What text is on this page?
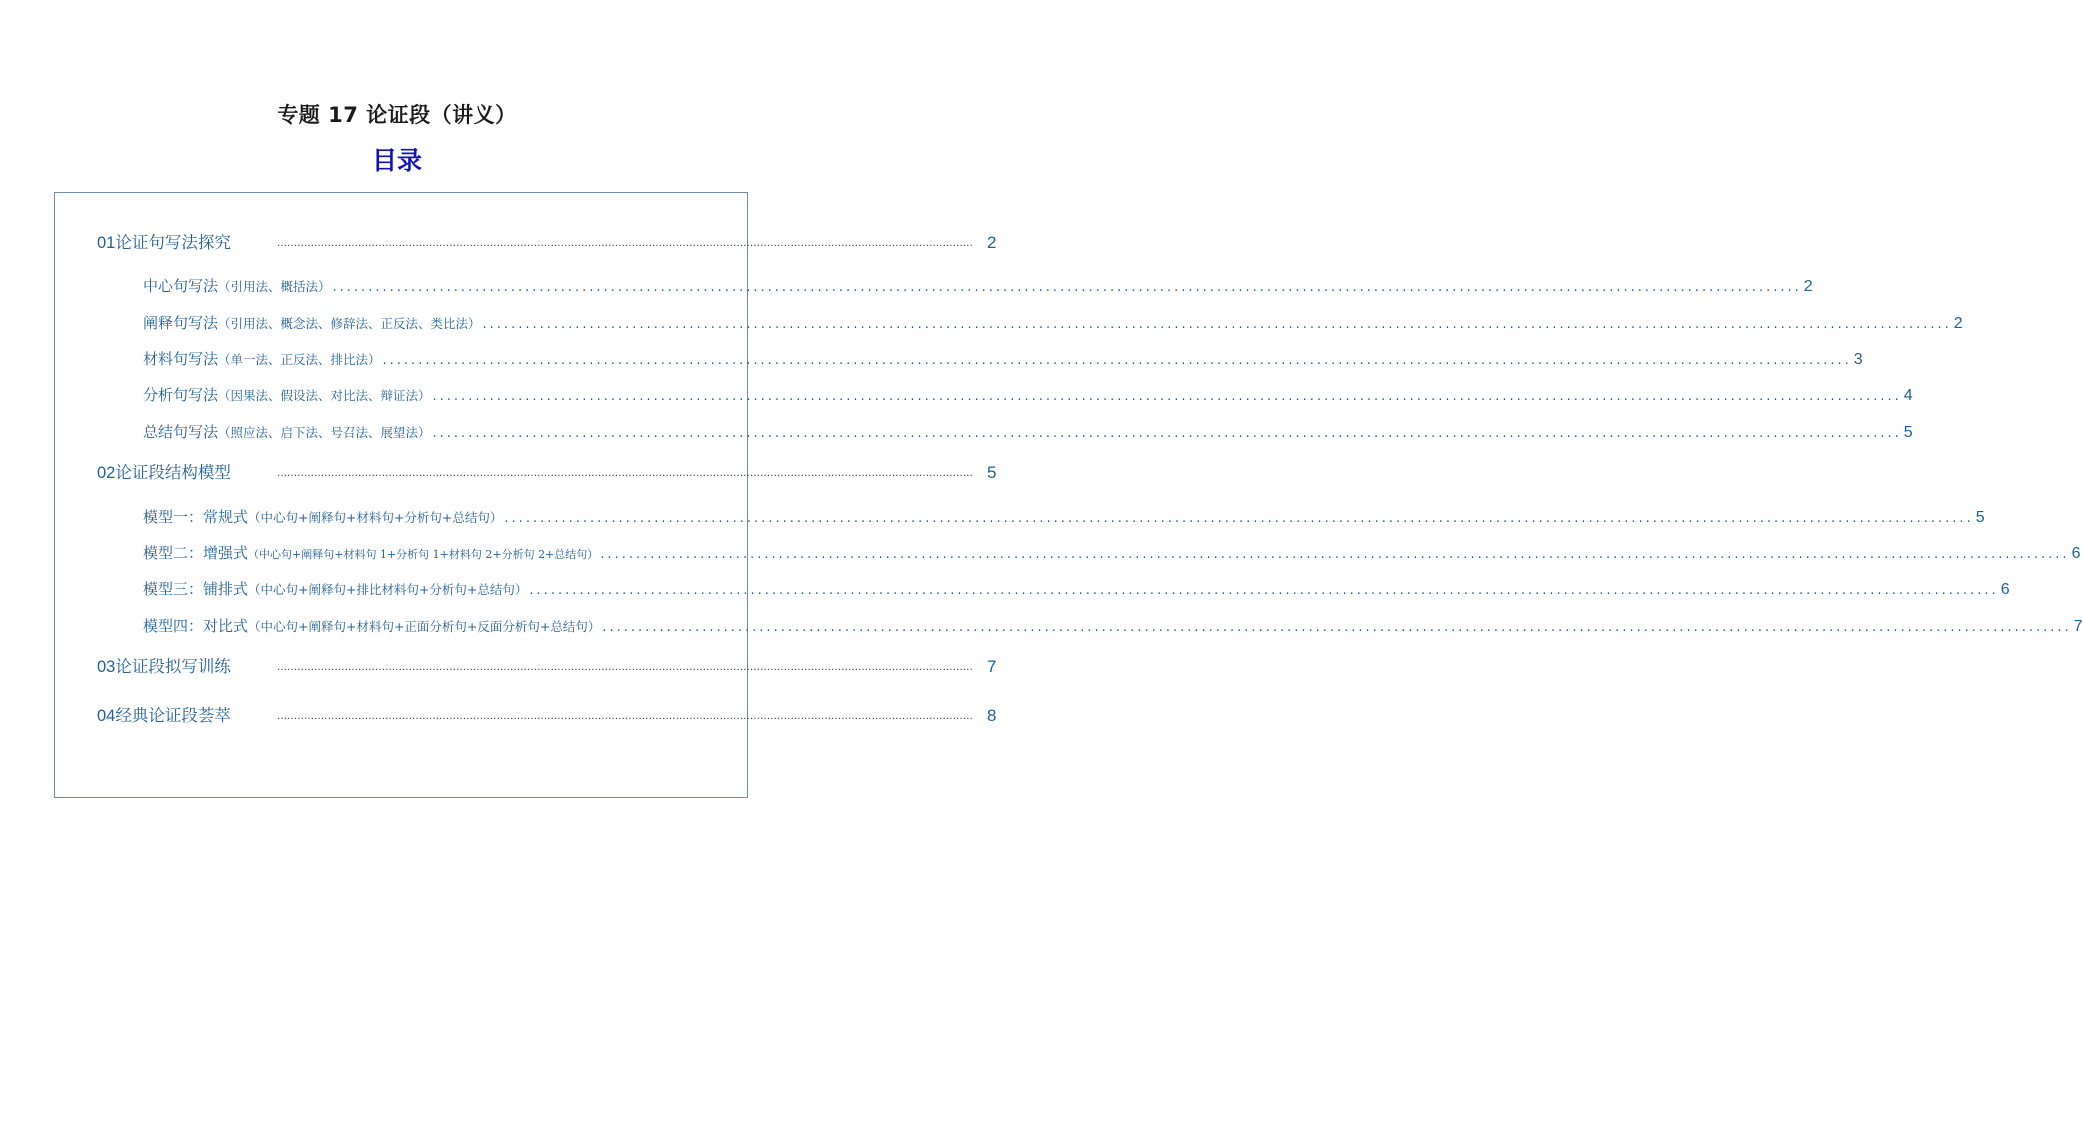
专题 17 论证段（讲义）
目录
01论证句写法探究	.............................................................................................................................................................................................................. 2
中心句写法（引用法、概括法） .............................................................................................................................................................................................................. 2
阐释句写法（引用法、概念法、修辞法、正反法、类比法） .............................................................................................................................................................................................................. 2
材料句写法（单一法、正反法、排比法） .............................................................................................................................................................................................................. 3
分析句写法（因果法、假设法、对比法、辩证法） .............................................................................................................................................................................................................. 4
总结句写法（照应法、启下法、号召法、展望法） .............................................................................................................................................................................................................. 5
02论证段结构模型	.............................................................................................................................................................................................................. 5
模型一：常规式（中心句+阐释句+材料句+分析句+总结句） .............................................................................................................................................................................................................. 5
模型二：增强式（中心句+阐释句+材料句 1+分析句 1+材料句 2+分析句 2+总结句） .............................................................................................................................................................................................................. 6
模型三：铺排式（中心句+阐释句+排比材料句+分析句+总结句） .............................................................................................................................................................................................................. 6
模型四：对比式（中心句+阐释句+材料句+正面分析句+反面分析句+总结句） .............................................................................................................................................................................................................. 7
03论证段拟写训练	.............................................................................................................................................................................................................. 7
04经典论证段荟萃	.............................................................................................................................................................................................................. 8
